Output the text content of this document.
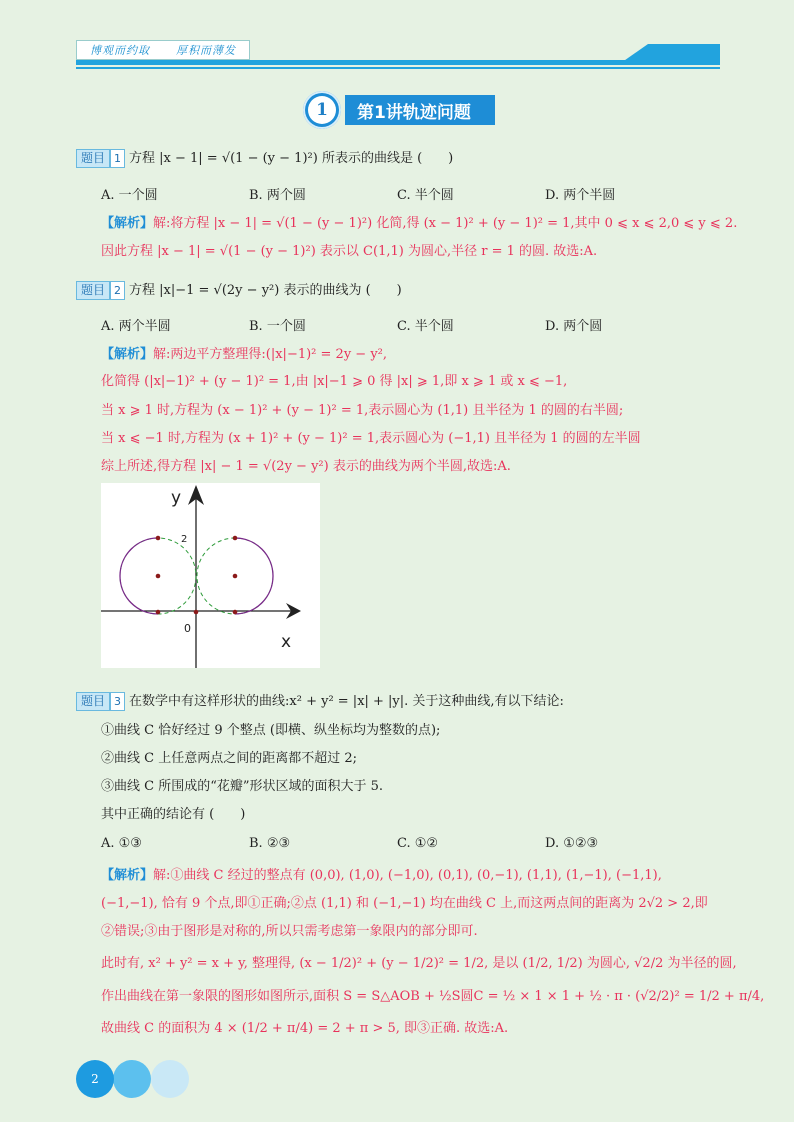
博观而约取 厚积而薄发
第1讲轨迹问题
1
题目 1 方程 |x − 1| = √(1 − (y − 1)²) 所表示的曲线是 (　　)
A. 一个圆	B. 两个圆	C. 半个圆	D. 两个半圆
【解析】解:将方程 |x − 1| = √(1 − (y − 1)²) 化简,得 (x − 1)² + (y − 1)² = 1,其中 0 ⩽ x ⩽ 2,0 ⩽ y ⩽ 2.
因此方程 |x − 1| = √(1 − (y − 1)²) 表示以 C(1,1) 为圆心,半径 r = 1 的圆. 故选:A.
题目 2 方程 |x|−1 = √(2y − y²) 表示的曲线为 (　　)
A. 两个半圆	B. 一个圆	C. 半个圆	D. 两个圆
【解析】解:两边平方整理得:(|x|−1)² = 2y − y²,
化简得 (|x|−1)² + (y − 1)² = 1,由 |x|−1 ⩾ 0 得 |x| ⩾ 1,即 x ⩾ 1 或 x ⩽ −1,
当 x ⩾ 1 时,方程为 (x − 1)² + (y − 1)² = 1,表示圆心为 (1,1) 且半径为 1 的圆的右半圆;
当 x ⩽ −1 时,方程为 (x + 1)² + (y − 1)² = 1,表示圆心为 (−1,1) 且半径为 1 的圆的左半圆
综上所述,得方程 |x| − 1 = √(2y − y²) 表示的曲线为两个半圆,故选:A.
y
x
2
0
题目 3 在数学中有这样形状的曲线:x² + y² = |x| + |y|. 关于这种曲线,有以下结论:
①曲线 C 恰好经过 9 个整点 (即横、纵坐标均为整数的点);
②曲线 C 上任意两点之间的距离都不超过 2;
③曲线 C 所围成的“花瓣”形状区域的面积大于 5.
其中正确的结论有 (　　)
A. ①③	B. ②③	C. ①②	D. ①②③
【解析】解:①曲线 C 经过的整点有 (0,0), (1,0), (−1,0), (0,1), (0,−1), (1,1), (1,−1), (−1,1),
(−1,−1), 恰有 9 个点,即①正确;②点 (1,1) 和 (−1,−1) 均在曲线 C 上,而这两点间的距离为 2√2 > 2,即
②错误;③由于图形是对称的,所以只需考虑第一象限内的部分即可.
此时有, x² + y² = x + y, 整理得, (x − 1/2)² + (y − 1/2)² = 1/2, 是以 (1/2, 1/2) 为圆心, √2/2 为半径的圆,
作出曲线在第一象限的图形如图所示,面积 S = S△AOB + ½S圆C = ½ × 1 × 1 + ½ · π · (√2/2)² = 1/2 + π/4,
故曲线 C 的面积为 4 × (1/2 + π/4) = 2 + π > 5, 即③正确. 故选:A.
2
